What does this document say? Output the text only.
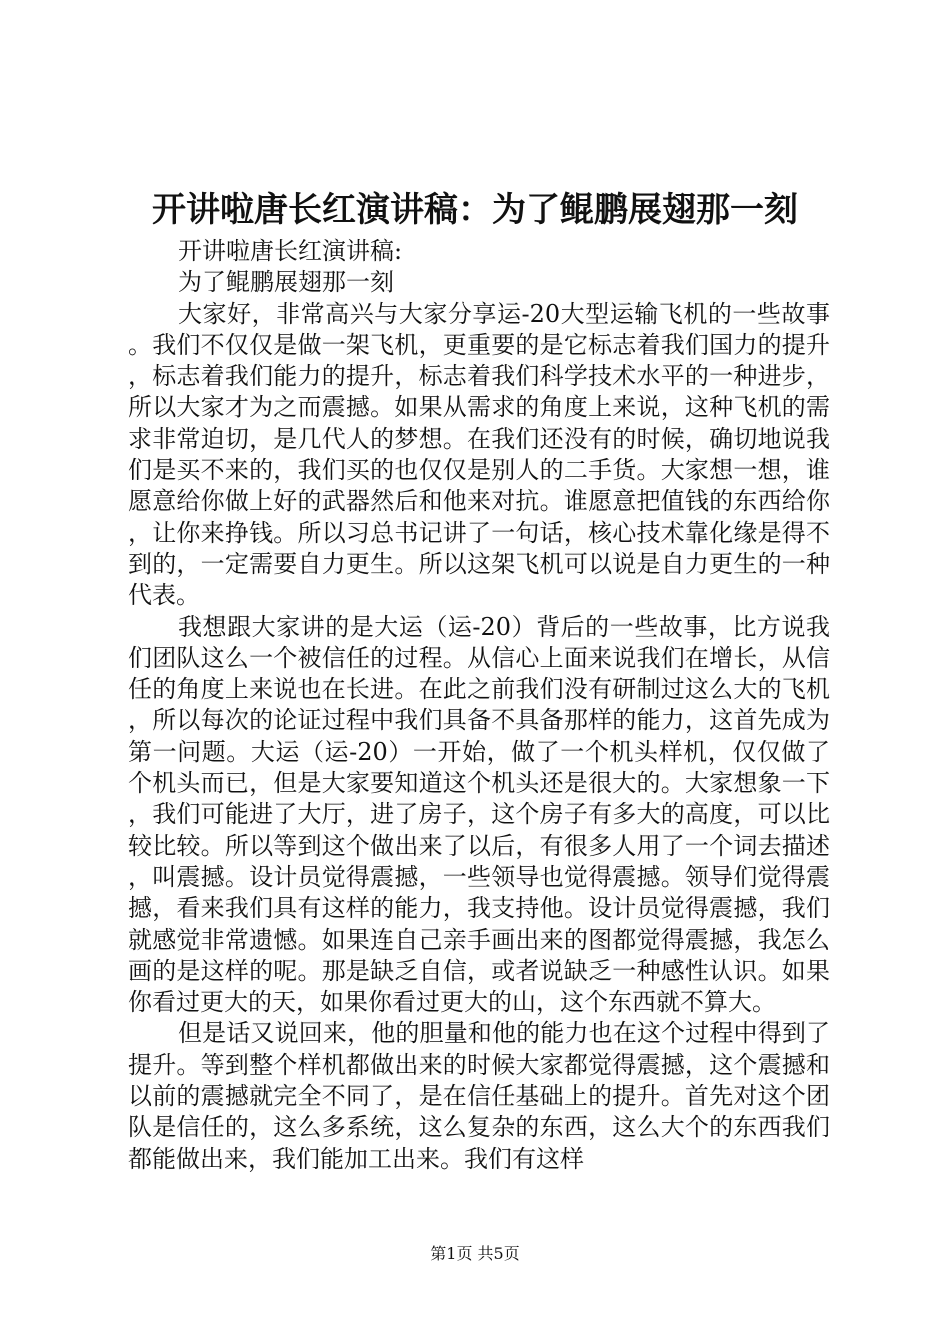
开讲啦唐长红演讲稿：为了鲲鹏展翅那一刻

开讲啦唐长红演讲稿:

为了鲲鹏展翅那一刻

大家好，非常高兴与大家分享运-20大型运输飞机的一些故事。我们不仅仅是做一架飞机，更重要的是它标志着我们国力的提升，标志着我们能力的提升，标志着我们科学技术水平的一种进步，所以大家才为之而震撼。如果从需求的角度上来说，这种飞机的需求非常迫切，是几代人的梦想。在我们还没有的时候，确切地说我们是买不来的，我们买的也仅仅是别人的二手货。大家想一想，谁愿意给你做上好的武器然后和他来对抗。谁愿意把值钱的东西给你，让你来挣钱。所以习总书记讲了一句话，核心技术靠化缘是得不到的，一定需要自力更生。所以这架飞机可以说是自力更生的一种代表。

我想跟大家讲的是大运（运-20）背后的一些故事，比方说我们团队这么一个被信任的过程。从信心上面来说我们在增长，从信任的角度上来说也在长进。在此之前我们没有研制过这么大的飞机，所以每次的论证过程中我们具备不具备那样的能力，这首先成为第一问题。大运（运-20）一开始，做了一个机头样机，仅仅做了个机头而已，但是大家要知道这个机头还是很大的。大家想象一下，我们可能进了大厅，进了房子，这个房子有多大的高度，可以比较比较。所以等到这个做出来了以后，有很多人用了一个词去描述，叫震撼。设计员觉得震撼，一些领导也觉得震撼。领导们觉得震撼，看来我们具有这样的能力，我支持他。设计员觉得震撼，我们就感觉非常遗憾。如果连自己亲手画出来的图都觉得震撼，我怎么画的是这样的呢。那是缺乏自信，或者说缺乏一种感性认识。如果你看过更大的天，如果你看过更大的山，这个东西就不算大。

但是话又说回来，他的胆量和他的能力也在这个过程中得到了提升。等到整个样机都做出来的时候大家都觉得震撼，这个震撼和以前的震撼就完全不同了，是在信任基础上的提升。首先对这个团队是信任的，这么多系统，这么复杂的东西，这么大个的东西我们都能做出来，我们能加工出来。我们有这样

第1页 共5页
